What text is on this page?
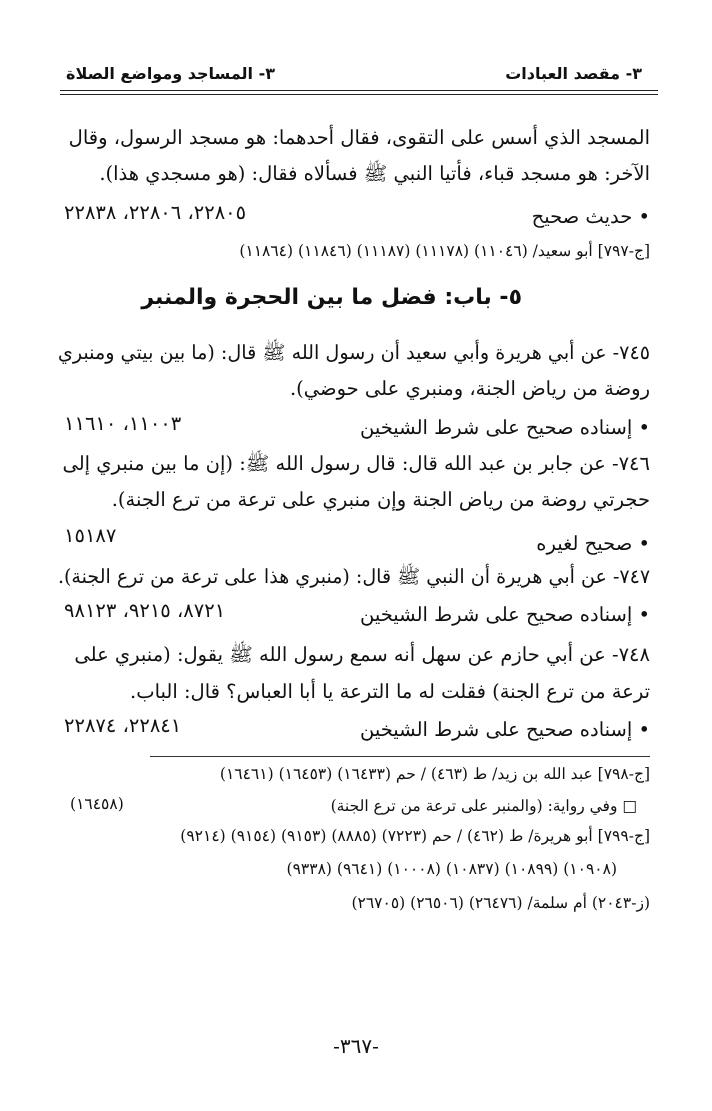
٣- مقصد العبادات
٣- المساجد ومواضع الصلاة
المسجد الذي أسس على التقوى، فقال أحدهما: هو مسجد الرسول، وقال
الآخر: هو مسجد قباء، فأتيا النبي ﷺ فسألاه فقال: (هو مسجدي هذا).
• حديث صحيح
٢٢٨٠٥، ٢٢٨٠٦، ٢٢٨٣٨
[ج-٧٩٧] أبو سعيد/ (١١٠٤٦) (١١١٧٨) (١١١٨٧) (١١٨٤٦) (١١٨٦٤)
٥- باب: فضل ما بين الحجرة والمنبر
٧٤٥- عن أبي هريرة وأبي سعيد أن رسول الله ﷺ قال: (ما بين بيتي ومنبري
روضة من رياض الجنة، ومنبري على حوضي).
• إسناده صحيح على شرط الشيخين
١١٠٠٣، ١١٦١٠
٧٤٦- عن جابر بن عبد الله قال: قال رسول الله ﷺ: (إن ما بين منبري إلى
حجرتي روضة من رياض الجنة وإن منبري على ترعة من ترع الجنة).
• صحيح لغيره
١٥١٨٧
٧٤٧- عن أبي هريرة أن النبي ﷺ قال: (منبري هذا على ترعة من ترع الجنة).
• إسناده صحيح على شرط الشيخين
٨٧٢١، ٩٢١٥، ٩٨١٢٣
٧٤٨- عن أبي حازم عن سهل أنه سمع رسول الله ﷺ يقول: (منبري على
ترعة من ترع الجنة) فقلت له ما الترعة يا أبا العباس؟ قال: الباب.
• إسناده صحيح على شرط الشيخين
٢٢٨٤١، ٢٢٨٧٤
[ج-٧٩٨] عبد الله بن زيد/ ط (٤٦٣) / حم (١٦٤٣٣) (١٦٤٥٣) (١٦٤٦١)
(١٦٤٥٨)	□ وفي رواية: (والمنبر على ترعة من ترع الجنة)
[ج-٧٩٩] أبو هريرة/ ط (٤٦٢) / حم (٧٢٢٣) (٨٨٨٥) (٩١٥٣) (٩١٥٤) (٩٢١٤)
(٩٣٣٨) (٩٦٤١) (١٠٠٠٨) (١٠٨٣٧) (١٠٨٩٩) (١٠٩٠٨)
(ز-٢٠٤٣) أم سلمة/ (٢٦٤٧٦) (٢٦٥٠٦) (٢٦٧٠٥)
-٣٦٧-
